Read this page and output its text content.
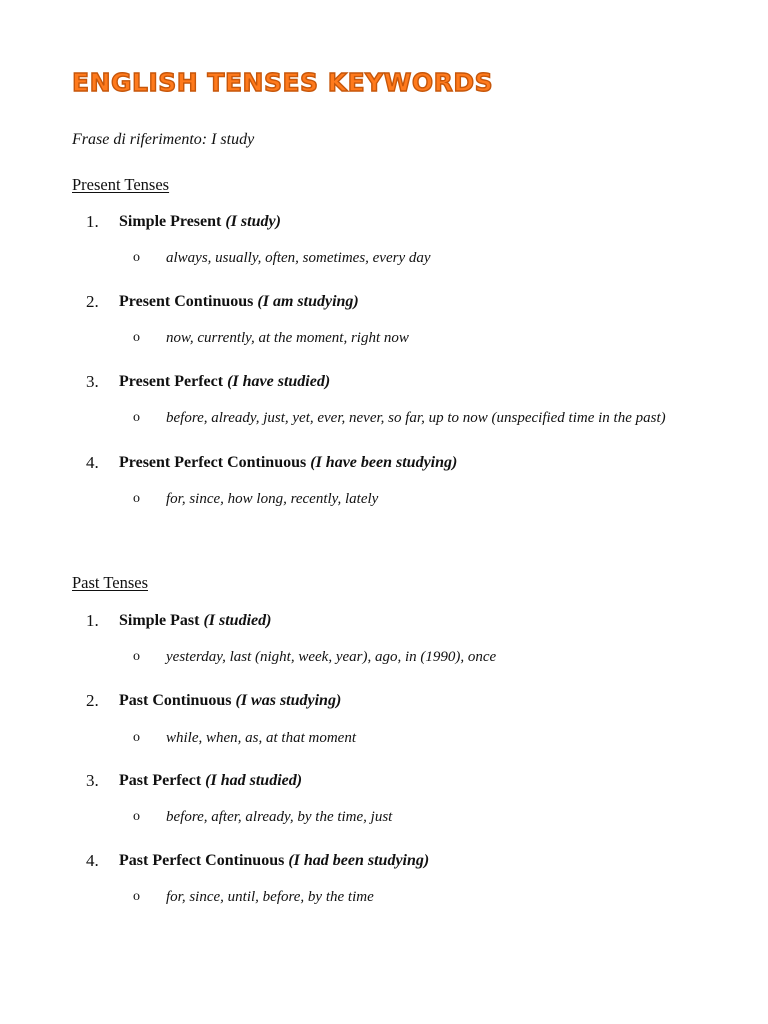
ENGLISH TENSES KEYWORDS
Frase di riferimento: I study
Present Tenses
1. Simple Present (I study)
o always, usually, often, sometimes, every day
2. Present Continuous (I am studying)
o now, currently, at the moment, right now
3. Present Perfect (I have studied)
o before, already, just, yet, ever, never, so far, up to now (unspecified time in the past)
4. Present Perfect Continuous (I have been studying)
o for, since, how long, recently, lately
Past Tenses
1. Simple Past (I studied)
o yesterday, last (night, week, year), ago, in (1990), once
2. Past Continuous (I was studying)
o while, when, as, at that moment
3. Past Perfect (I had studied)
o before, after, already, by the time, just
4. Past Perfect Continuous (I had been studying)
o for, since, until, before, by the time
